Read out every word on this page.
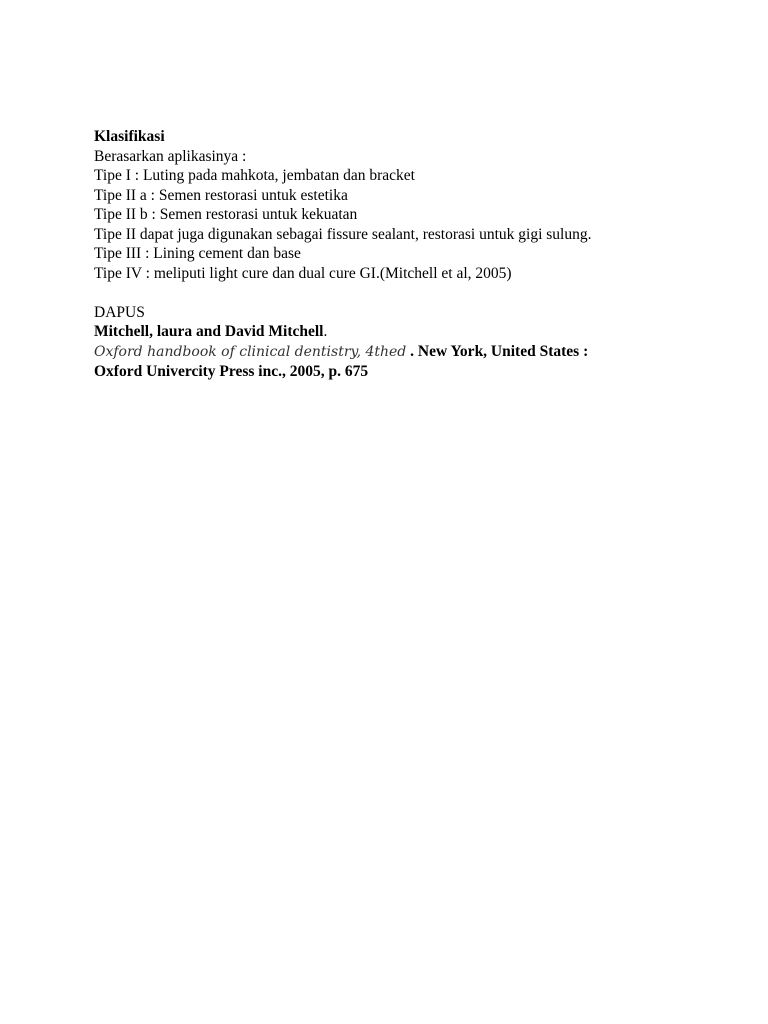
Klasifikasi
Berasarkan aplikasinya :
Tipe I : Luting pada mahkota, jembatan dan bracket
Tipe II a : Semen restorasi untuk estetika
Tipe II b : Semen restorasi untuk kekuatan
Tipe II dapat juga digunakan sebagai fissure sealant, restorasi untuk gigi sulung.
Tipe III : Lining cement dan base
Tipe IV : meliputi light cure dan dual cure GI.(Mitchell et al, 2005)
DAPUS
Mitchell, laura and David Mitchell.
Oxford handbook of clinical dentistry, 4thed . New York, United States :
Oxford Univercity Press inc., 2005, p. 675
